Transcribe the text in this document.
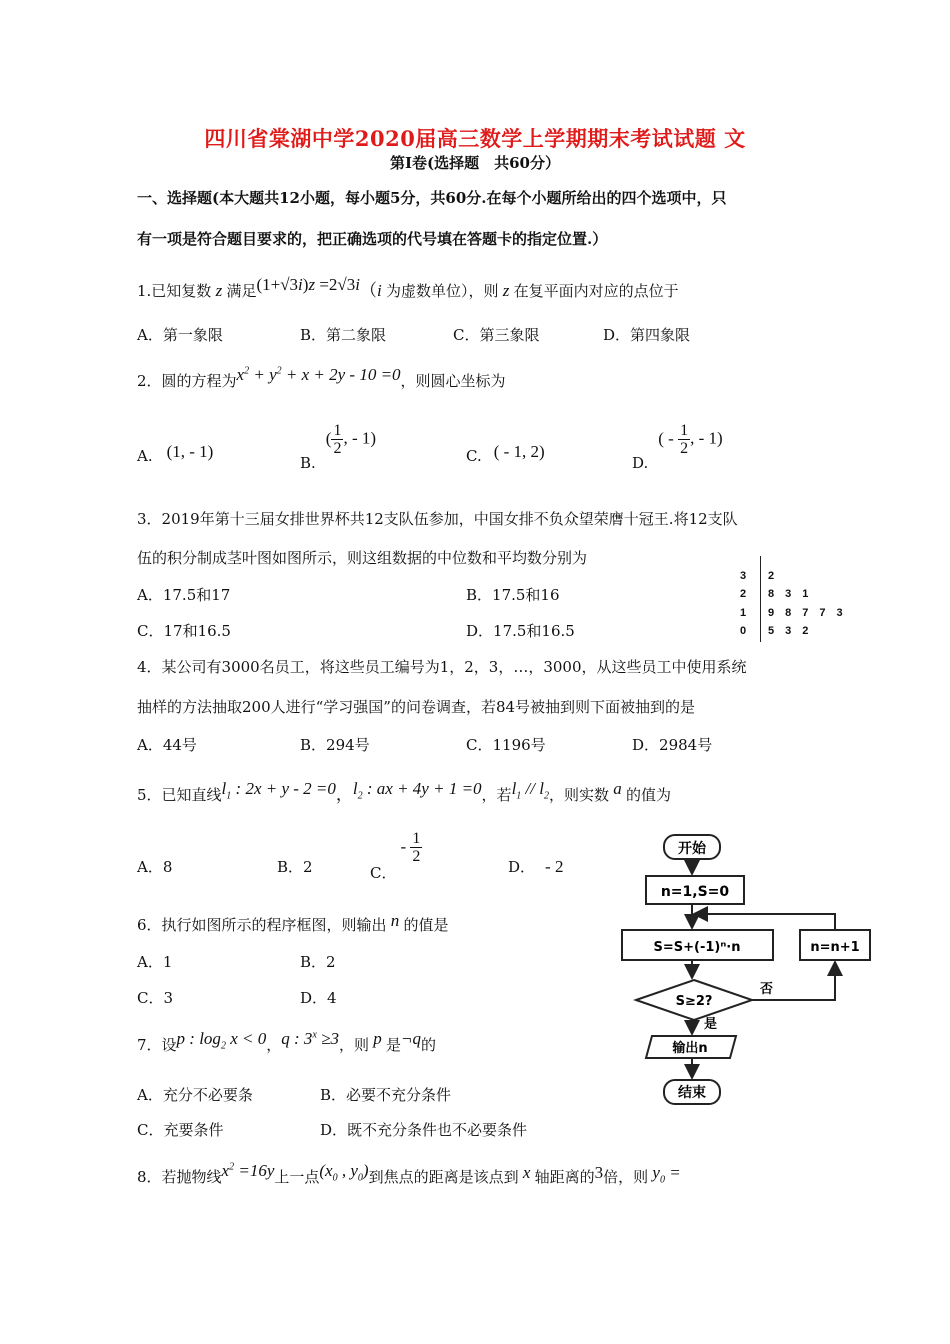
四川省棠湖中学2020届高三数学上学期期末考试试题 文
第I卷(选择题　共60分）
一、选择题(本大题共12小题，每小题5分，共60分.在每个小题所给出的四个选项中，只
有一项是符合题目要求的，把正确选项的代号填在答题卡的指定位置.）
1.已知复数 z 满足(1+√3i)z =2√3i（i 为虚数单位），则 z 在复平面内对应的点位于
A．第一象限	B．第二象限	C．第三象限	D．第四象限
2．圆的方程为$x^2 + y^2 + x + 2y - 10 =0$，则圆心坐标为
A. (1, - 1)
$B.( \frac{1}{2}$ , - 1)
C. ( - 1, 2)
$D.( - \frac{1}{2}$ , - 1)
3．2019年第十三届女排世界杯共12支队伍参加，中国女排不负众望荣膺十冠王.将12支队
伍的积分制成茎叶图如图所示，则这组数据的中位数和平均数分别为
A．17.5和17	B．17.5和16
C．17和16.5	D．17.5和16.5
3 2
2 831
1 98773
0 532
4．某公司有3000名员工，将这些员工编号为1，2，3，…，3000，从这些员工中使用系统
抽样的方法抽取200人进行“学习强国”的问卷调查，若84号被抽到则下面被抽到的是
A．44号	B．294号	C．1196号	D．2984号
5．已知直线$l_1$ : 2x + y - 2 =0，$l_2$ : ax + 4y + 1 =0，若$l_1 // l_2$，则实数 a 的值为
A．8	B．2	C．- $\frac{1}{2}$
D． - 2
6．执行如图所示的程序框图，则输出 n 的值是
A．1	B．2
C．3	D．4
开始
n=1,S=0
S=S+(-1)ⁿ·n	n=n+1
S≥2?
否
是
输出n
结束
7．设p : $\log_2 x < 0$，q : $3^x \ge 3$，则 p 是¬q的
A．充分不必要条	B．必要不充分条件
C．充要条件	D．既不充分条件也不必要条件
8．若抛物线$x^2 =16y$上一点($x_0$ , $y_0$)到焦点的距离是该点到 x 轴距离的3倍，则 $y_0$ =
